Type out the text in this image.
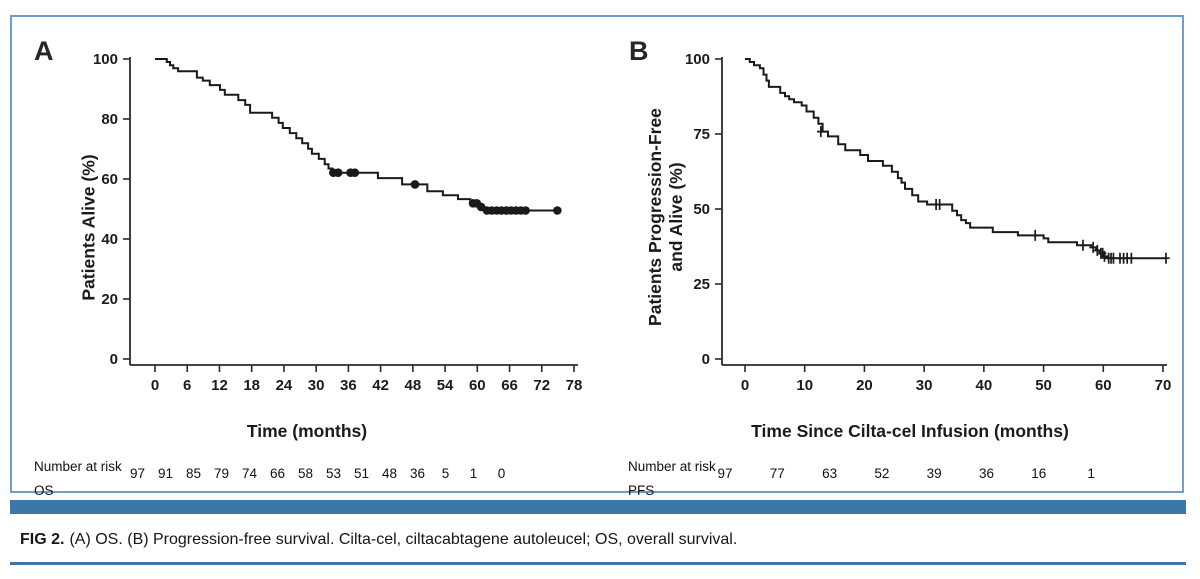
A	B
Patients Alive (%)	Patients Progression-Free and Alive (%)
Time (months)	Time Since Cilta-cel Infusion (months)
Number at risk
OS
Number at risk
PFS
0
20
40
60
80
100
0 6 12 18 24 30 36 42 48 54 60 66 72 78
97 91 85 79 74 66 58 53 51 48 36 5 1 0
0
25
50
75
100
0	10	20	30	40	50	60	70
97	77	63	52	39	36	16	1
FIG 2. (A) OS. (B) Progression-free survival. Cilta-cel, ciltacabtagene autoleucel; OS, overall survival.
